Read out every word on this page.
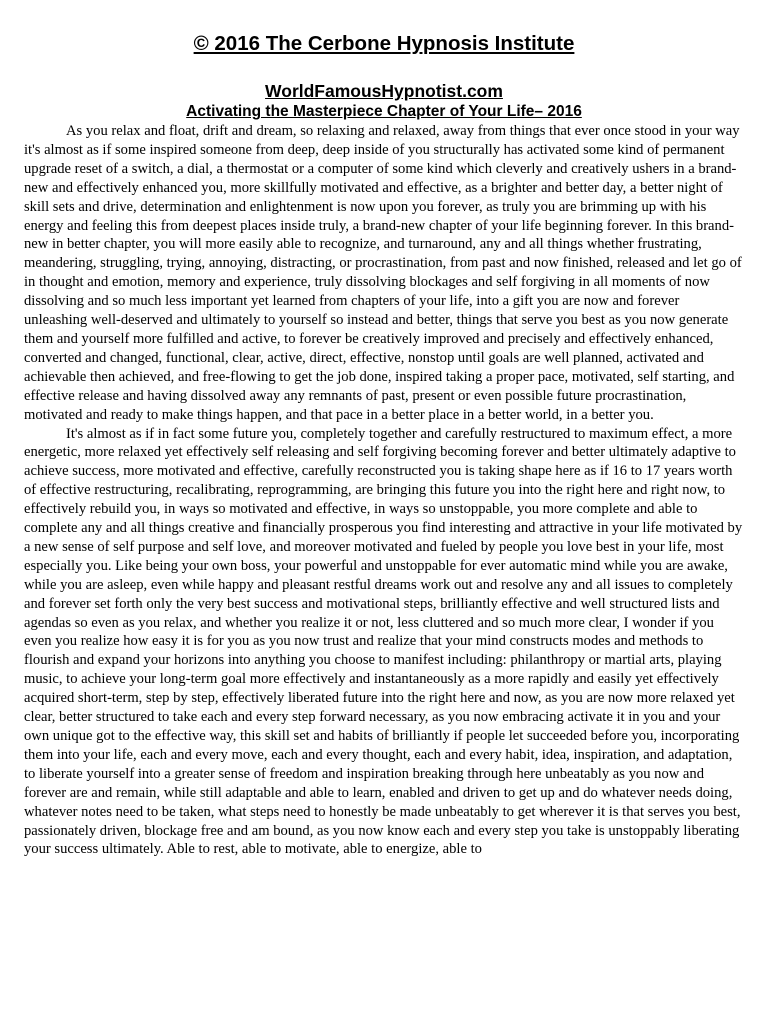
© 2016 The Cerbone Hypnosis Institute
WorldFamousHypnotist.com
Activating the Masterpiece Chapter of Your Life– 2016

As you relax and float, drift and dream, so relaxing and relaxed, away from things that ever once stood in your way it's almost as if some inspired someone from deep, deep inside of you structurally has activated some kind of permanent upgrade reset of a switch, a dial, a thermostat or a computer of some kind which cleverly and creatively ushers in a brand-new and effectively enhanced you, more skillfully motivated and effective, as a brighter and better day, a better night of skill sets and drive, determination and enlightenment is now upon you forever, as truly you are brimming up with his energy and feeling this from deepest places inside truly, a brand-new chapter of your life beginning forever. In this brand-new in better chapter, you will more easily able to recognize, and turnaround, any and all things whether frustrating, meandering, struggling, trying, annoying, distracting, or procrastination, from past and now finished, released and let go of in thought and emotion, memory and experience, truly dissolving blockages and self forgiving in all moments of now dissolving and so much less important yet learned from chapters of your life, into a gift you are now and forever unleashing well-deserved and ultimately to yourself so instead and better, things that serve you best as you now generate them and yourself more fulfilled and active, to forever be creatively improved and precisely and effectively enhanced, converted and changed, functional, clear, active, direct, effective, nonstop until goals are well planned, activated and achievable then achieved, and free-flowing to get the job done, inspired taking a proper pace, motivated, self starting, and effective release and having dissolved away any remnants of past, present or even possible future procrastination, motivated and ready to make things happen, and that pace in a better place in a better world, in a better you.

It's almost as if in fact some future you, completely together and carefully restructured to maximum effect, a more energetic, more relaxed yet effectively self releasing and self forgiving becoming forever and better ultimately adaptive to achieve success, more motivated and effective, carefully reconstructed you is taking shape here as if 16 to 17 years worth of effective restructuring, recalibrating, reprogramming, are bringing this future you into the right here and right now, to effectively rebuild you, in ways so motivated and effective, in ways so unstoppable, you more complete and able to complete any and all things creative and financially prosperous you find interesting and attractive in your life motivated by a new sense of self purpose and self love, and moreover motivated and fueled by people you love best in your life, most especially you. Like being your own boss, your powerful and unstoppable for ever automatic mind while you are awake, while you are asleep, even while happy and pleasant restful dreams work out and resolve any and all issues to completely and forever set forth only the very best success and motivational steps, brilliantly effective and well structured lists and agendas so even as you relax, and whether you realize it or not, less cluttered and so much more clear, I wonder if you even you realize how easy it is for you as you now trust and realize that your mind constructs modes and methods to flourish and expand your horizons into anything you choose to manifest including: philanthropy or martial arts, playing music, to achieve your long-term goal more effectively and instantaneously as a more rapidly and easily yet effectively acquired short-term, step by step, effectively liberated future into the right here and now, as you are now more relaxed yet clear, better structured to take each and every step forward necessary, as you now embracing activate it in you and your own unique got to the effective way, this skill set and habits of brilliantly if people let succeeded before you, incorporating them into your life, each and every move, each and every thought, each and every habit, idea, inspiration, and adaptation, to liberate yourself into a greater sense of freedom and inspiration breaking through here unbeatably as you now and forever are and remain, while still adaptable and able to learn, enabled and driven to get up and do whatever needs doing, whatever notes need to be taken, what steps need to honestly be made unbeatably to get wherever it is that serves you best, passionately driven, blockage free and am bound, as you now know each and every step you take is unstoppably liberating your success ultimately. Able to rest, able to motivate, able to energize, able to
